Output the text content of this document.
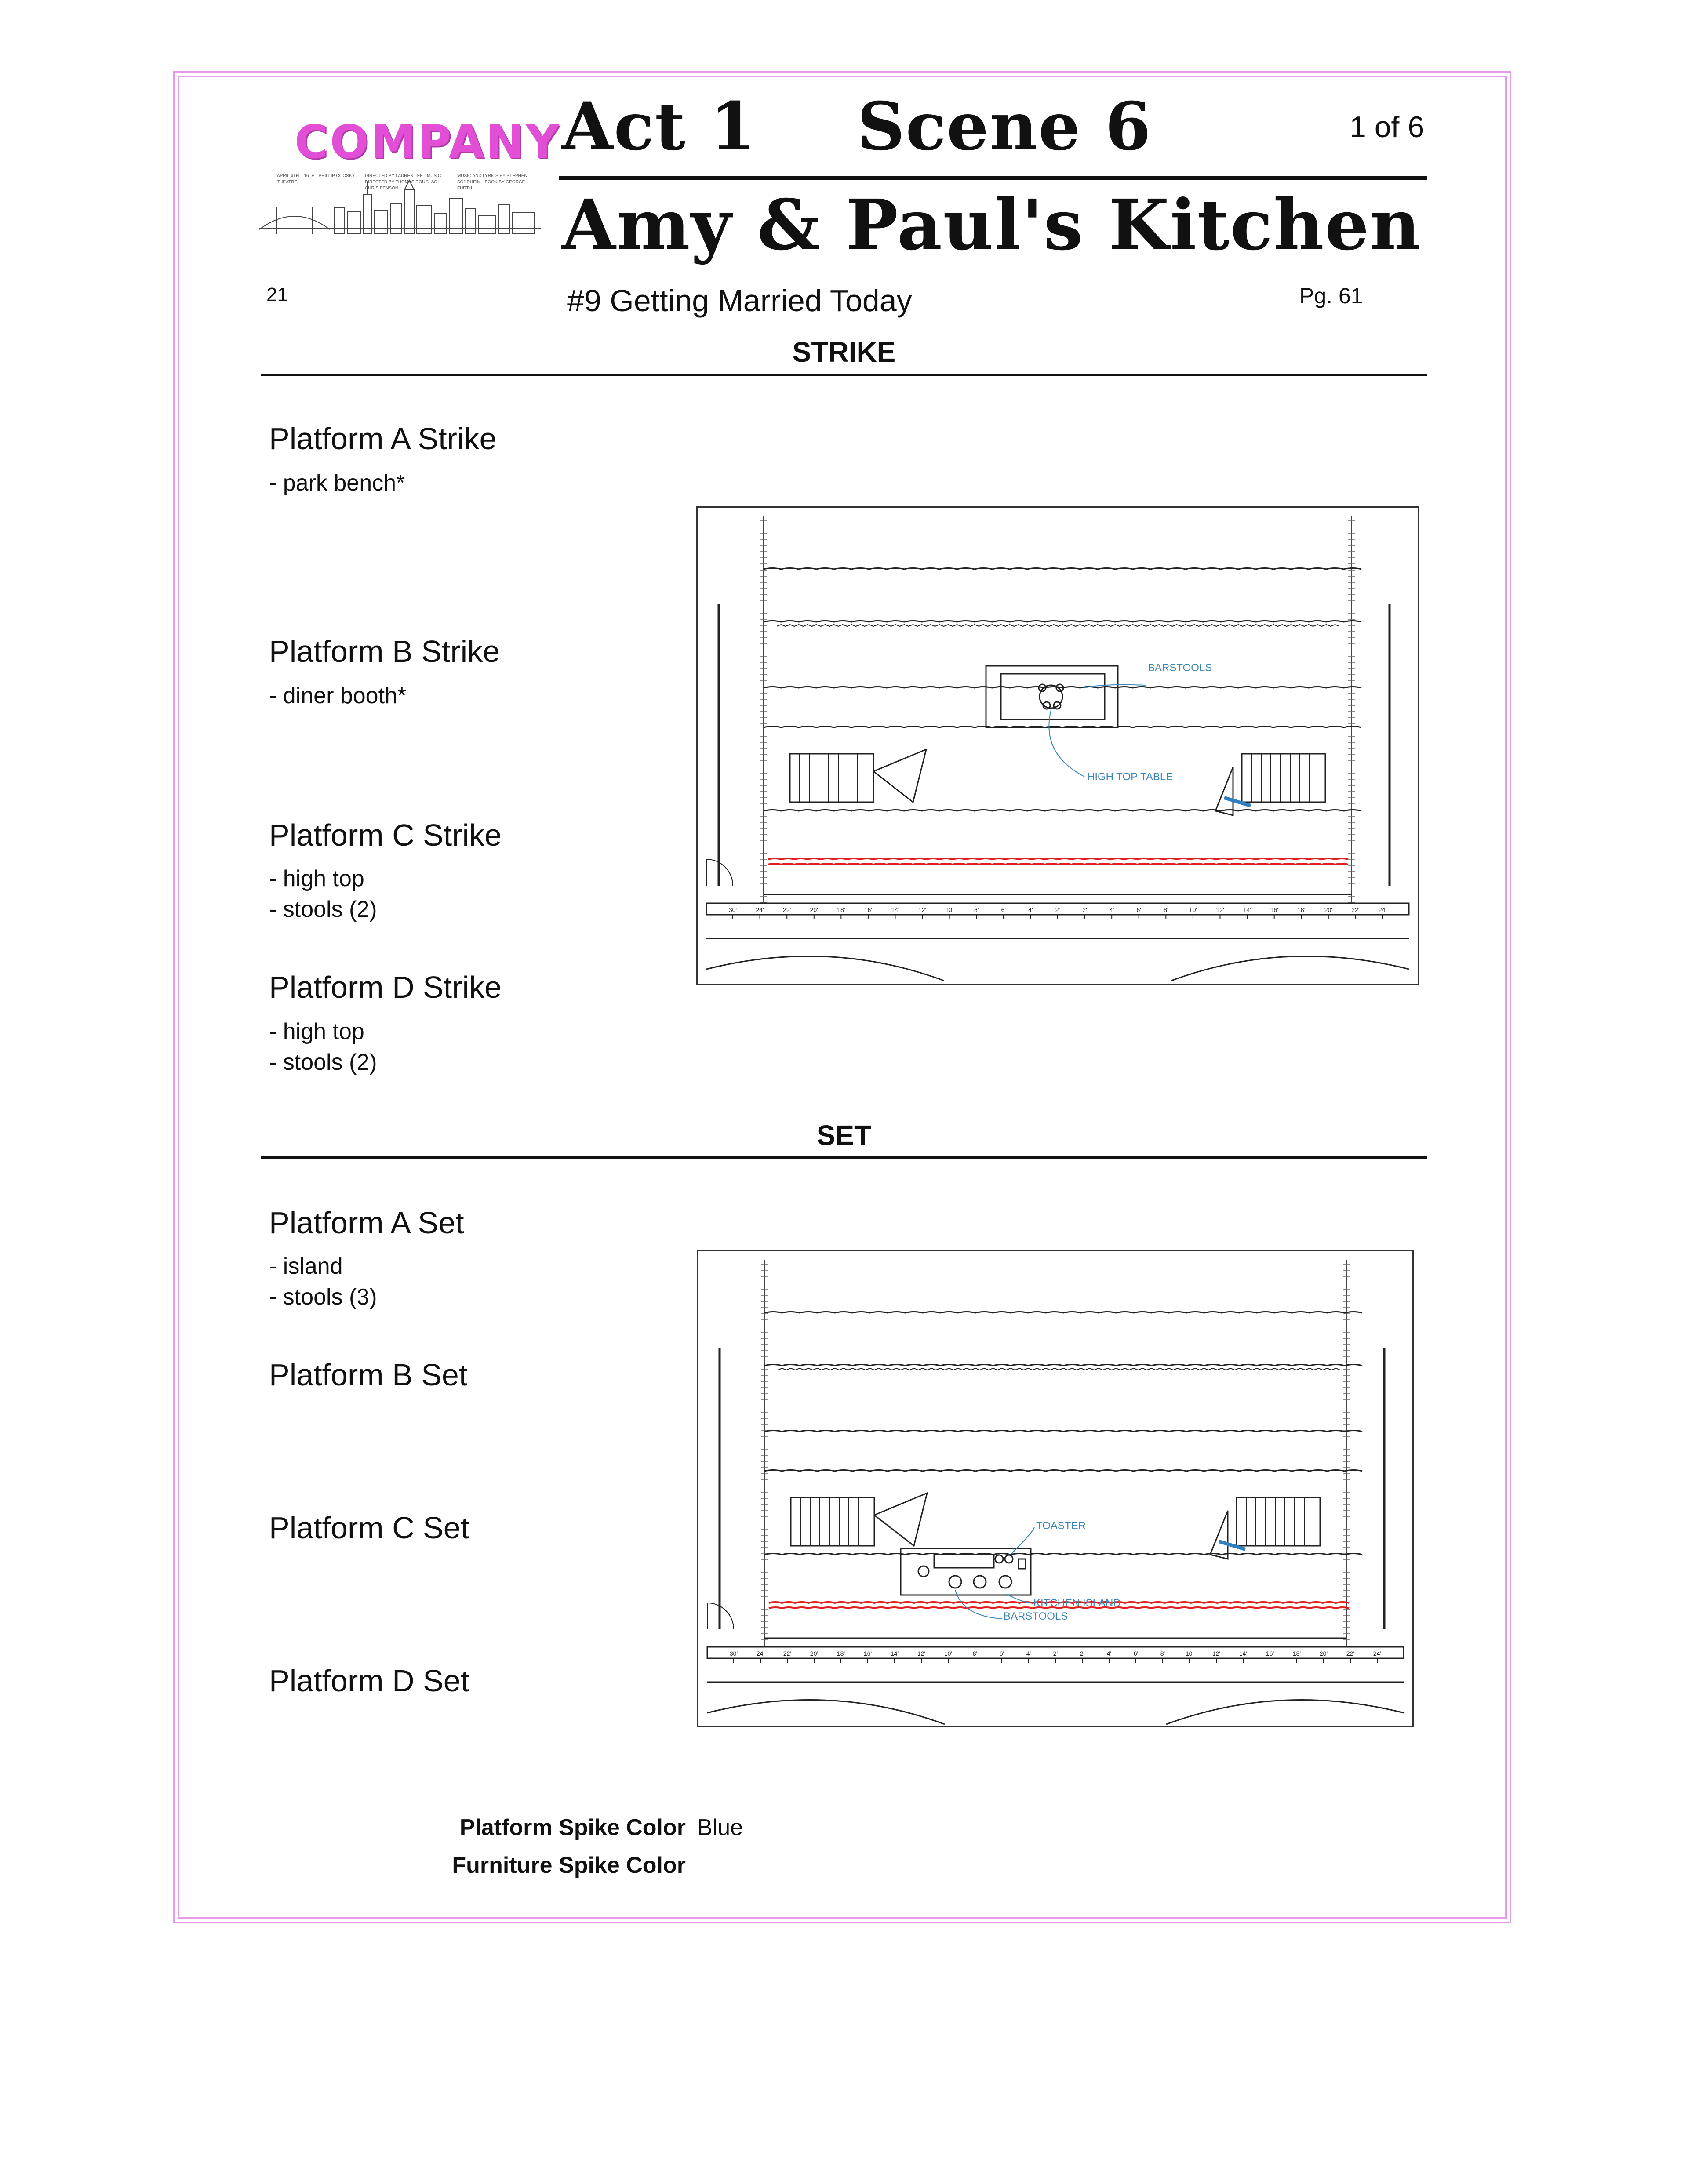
COMPANY
APRIL 4TH – 16TH · PHILLIP COOSKY THEATRE
DIRECTED BY LAUREN LEE · MUSIC DIRECTED BY THOMAS DOUGLAS II · CHRIS BENSON
MUSIC AND LYRICS BY STEPHEN SONDHEIM · BOOK BY GEORGE FURTH
Act 1 Scene 6	1 of 6
Amy & Paul's Kitchen
21	#9 Getting Married Today	Pg. 61
STRIKE
Platform A Strike
- park bench*
Platform B Strike
- diner booth*
Platform C Strike
- high top
- stools (2)
Platform D Strike
- high top
- stools (2)
30'	24'	22'	20'	18'	16'	14'	12'	10'	8'	6'	4'	2'	2'	4'	6'	8'	10'	12'	14'	16'	18'	20'	22'	24'
BARSTOOLS
HIGH TOP TABLE
SET
Platform A Set
- island
- stools (3)
Platform B Set
Platform C Set
Platform D Set
30'	24'	22'	20'	18'	16'	14'	12'	10'	8'	6'	4'	2'	2'	4'	6'	8'	10'	12'	14'	16'	18'	20'	22'	24'
TOASTER
KITCHEN ISLAND
BARSTOOLS
Platform Spike Color Blue
Furniture Spike Color
